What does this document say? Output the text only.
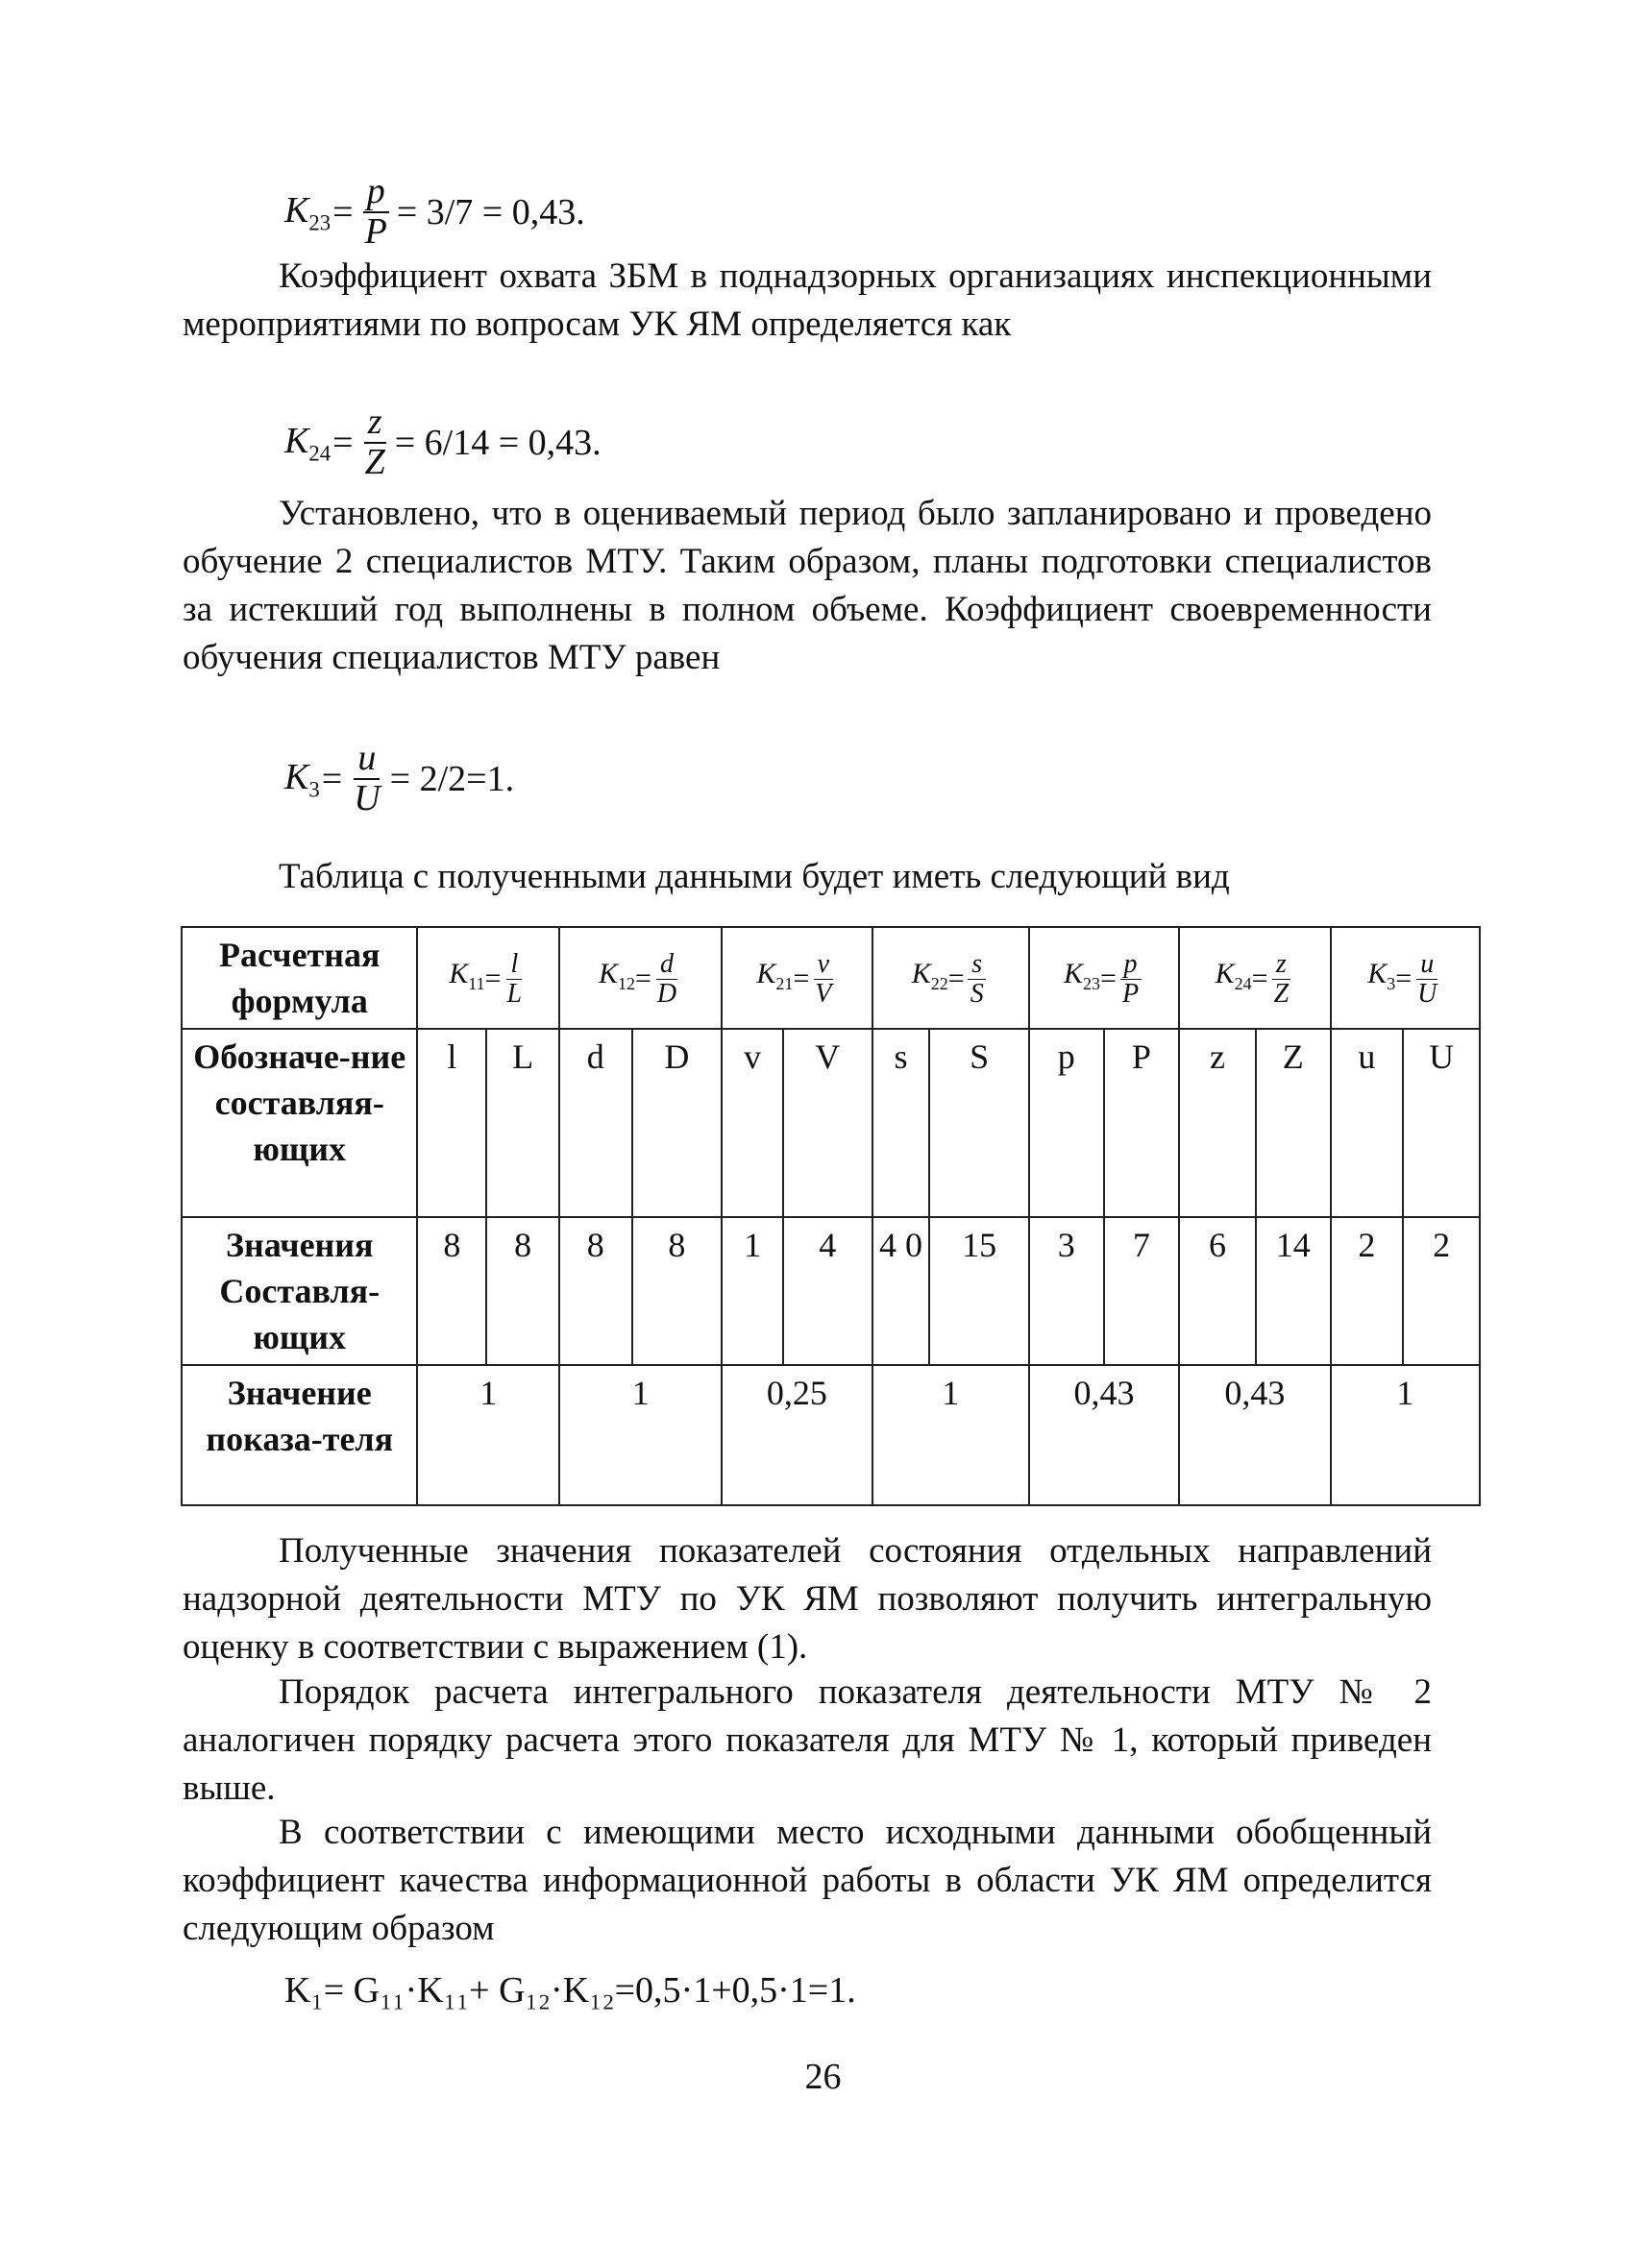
$K_{23} = \frac{p}{P} = 3/7 = 0,43$.

Коэффициент охвата ЗБМ в поднадзорных организациях инспекционными мероприятиями по вопросам УК ЯМ определяется как

$K_{24} = \frac{z}{Z} = 6/14 = 0,43$.

Установлено, что в оцениваемый период было запланировано и проведено обучение 2 специалистов МТУ. Таким образом, планы подготовки специалистов за истекший год выполнены в полном объеме. Коэффициент своевременности обучения специалистов МТУ равен

$K_3 = \frac{u}{U} = 2/2=1$.

Таблица с полученными данными будет иметь следующий вид

Расчетная формула	$K_{11} = \frac{l}{L}$		$K_{12} = \frac{d}{D}$		$K_{21} = \frac{v}{V}$		$K_{22} = \frac{s}{S}$		$K_{23} = \frac{p}{P}$		$K_{24} = \frac{z}{Z}$		$K_3 = \frac{u}{U}$

Обозначе-ние составляя-ющих	l	L	d	D	v	V	s	S	p	P	z	Z	u	U
Значения Составля-ющих	8	8	8	8	1	4	4 0	15	3	7	6	14	2	2
Значение показа-теля	1		1		0,25		1		0,43		0,43		1	

Полученные значения показателей состояния отдельных направлений надзорной деятельности МТУ по УК ЯМ позволяют получить интегральную оценку в соответствии с выражением (1).

Порядок расчета интегрального показателя деятельности МТУ № 2 аналогичен порядку расчета этого показателя для МТУ № 1, который приведен выше.

В соответствии с имеющими место исходными данными обобщенный коэффициент качества информационной работы в области УК ЯМ определится следующим образом

K₁= G₁₁·K₁₁+ G₁₂·K₁₂=0,5·1+0,5·1=1.
26
